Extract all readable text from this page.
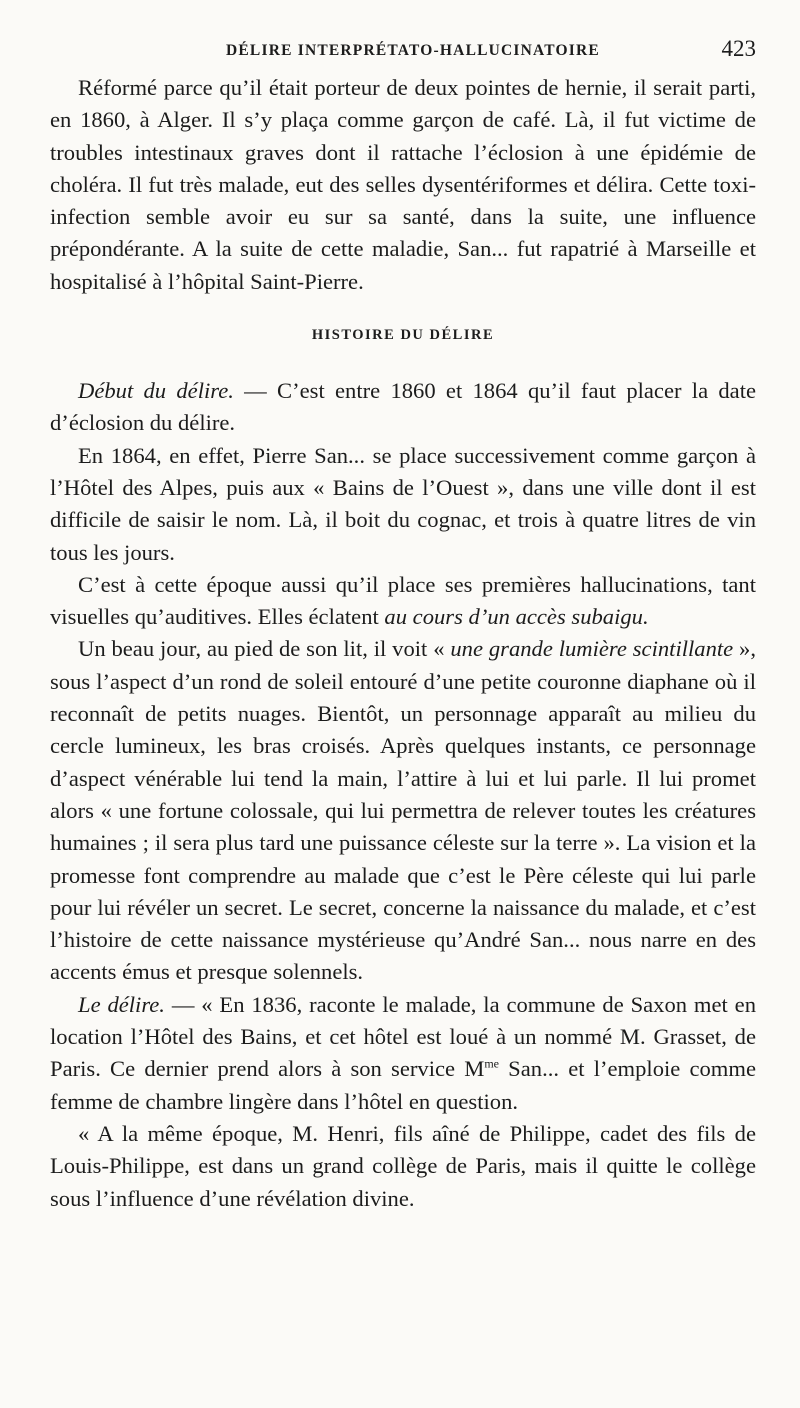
DÉLIRE INTERPRÉTATO-HALLUCINATOIRE	423

Réformé parce qu’il était porteur de deux pointes de hernie, il serait parti, en 1860, à Alger. Il s’y plaça comme garçon de café. Là, il fut victime de troubles intestinaux graves dont il rattache l’éclosion à une épidémie de choléra. Il fut très malade, eut des selles dysentériformes et délira. Cette toxi-infection semble avoir eu sur sa santé, dans la suite, une influence prépondérante. A la suite de cette maladie, San... fut rapatrié à Marseille et hospitalisé à l’hôpital Saint-Pierre.

HISTOIRE DU DÉLIRE

Début du délire. — C’est entre 1860 et 1864 qu’il faut placer la date d’éclosion du délire.

En 1864, en effet, Pierre San... se place successivement comme garçon à l’Hôtel des Alpes, puis aux « Bains de l’Ouest », dans une ville dont il est difficile de saisir le nom. Là, il boit du cognac, et trois à quatre litres de vin tous les jours.

C’est à cette époque aussi qu’il place ses premières hallucinations, tant visuelles qu’auditives. Elles éclatent au cours d’un accès subaigu.

Un beau jour, au pied de son lit, il voit « une grande lumière scintillante », sous l’aspect d’un rond de soleil entouré d’une petite couronne diaphane où il reconnaît de petits nuages. Bientôt, un personnage apparaît au milieu du cercle lumineux, les bras croisés. Après quelques instants, ce personnage d’aspect vénérable lui tend la main, l’attire à lui et lui parle. Il lui promet alors « une fortune colossale, qui lui permettra de relever toutes les créatures humaines ; il sera plus tard une puissance céleste sur la terre ». La vision et la promesse font comprendre au malade que c’est le Père céleste qui lui parle pour lui révéler un secret. Le secret, concerne la naissance du malade, et c’est l’histoire de cette naissance mystérieuse qu’André San... nous narre en des accents émus et presque solennels.

Le délire. — « En 1836, raconte le malade, la commune de Saxon met en location l’Hôtel des Bains, et cet hôtel est loué à un nommé M. Grasset, de Paris. Ce dernier prend alors à son service $M^{me}$ San... et l’emploie comme femme de chambre lingère dans l’hôtel en question.

« A la même époque, M. Henri, fils aîné de Philippe, cadet des fils de Louis-Philippe, est dans un grand collège de Paris, mais il quitte le collège sous l’influence d’une révélation divine.
